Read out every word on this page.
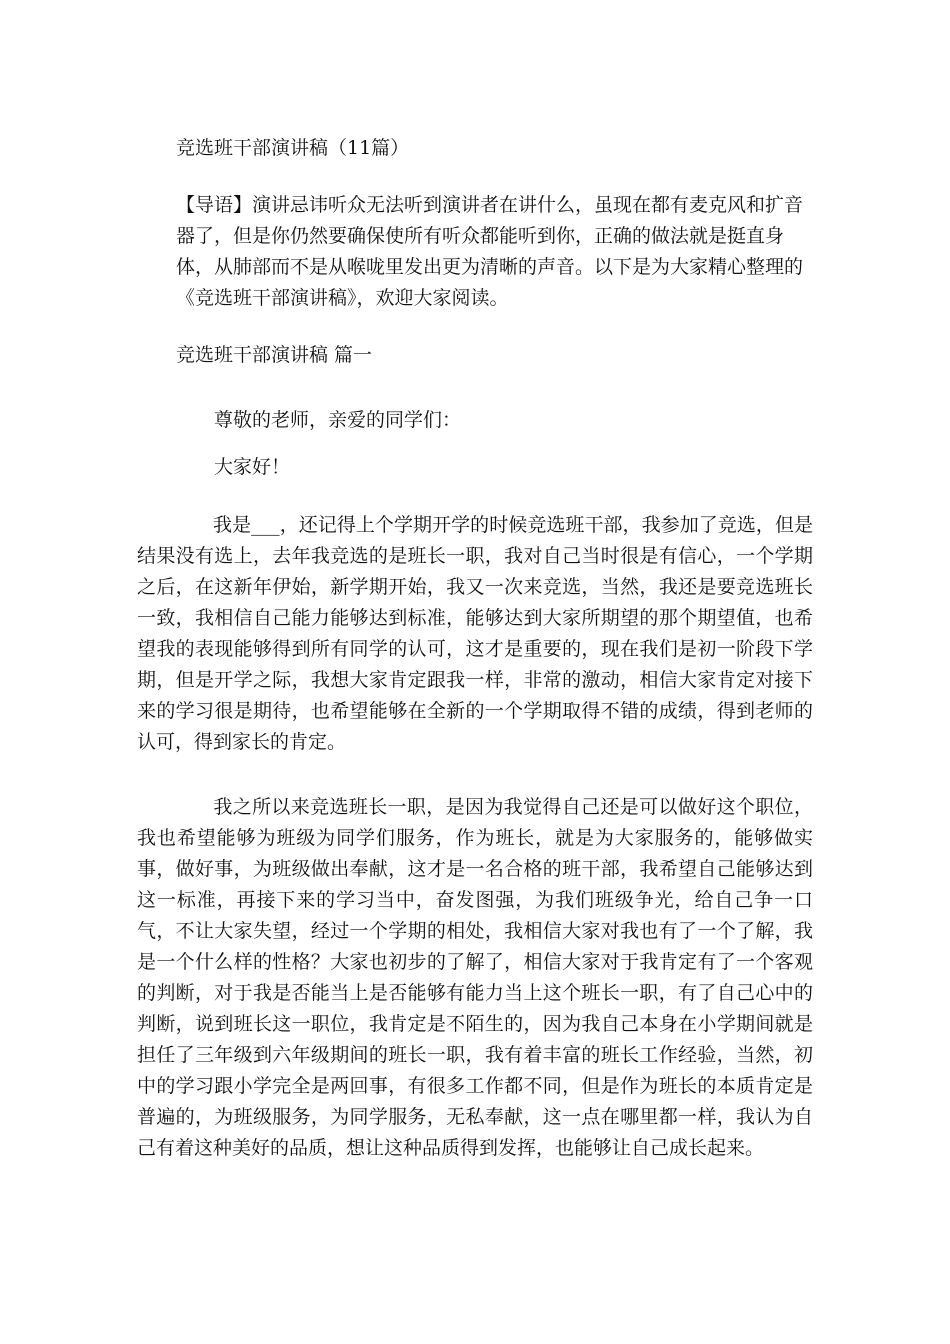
竞选班干部演讲稿（11篇）

【导语】演讲忌讳听众无法听到演讲者在讲什么，虽现在都有麦克风和扩音器了，但是你仍然要确保使所有听众都能听到你，正确的做法就是挺直身体，从肺部而不是从喉咙里发出更为清晰的声音。以下是为大家精心整理的《竞选班干部演讲稿》，欢迎大家阅读。

竞选班干部演讲稿 篇一

尊敬的老师，亲爱的同学们：

大家好！

我是___，还记得上个学期开学的时候竞选班干部，我参加了竞选，但是结果没有选上，去年我竞选的是班长一职，我对自己当时很是有信心，一个学期之后，在这新年伊始，新学期开始，我又一次来竞选，当然，我还是要竞选班长一致，我相信自己能力能够达到标准，能够达到大家所期望的那个期望值，也希望我的表现能够得到所有同学的认可，这才是重要的，现在我们是初一阶段下学期，但是开学之际，我想大家肯定跟我一样，非常的激动，相信大家肯定对接下来的学习很是期待，也希望能够在全新的一个学期取得不错的成绩，得到老师的认可，得到家长的肯定。

我之所以来竞选班长一职，是因为我觉得自己还是可以做好这个职位，我也希望能够为班级为同学们服务，作为班长，就是为大家服务的，能够做实事，做好事，为班级做出奉献，这才是一名合格的班干部，我希望自己能够达到这一标准，再接下来的学习当中，奋发图强，为我们班级争光，给自己争一口气，不让大家失望，经过一个学期的相处，我相信大家对我也有了一个了解，我是一个什么样的性格？大家也初步的了解了，相信大家对于我肯定有了一个客观的判断，对于我是否能当上是否能够有能力当上这个班长一职，有了自己心中的判断，说到班长这一职位，我肯定是不陌生的，因为我自己本身在小学期间就是担任了三年级到六年级期间的班长一职，我有着丰富的班长工作经验，当然，初中的学习跟小学完全是两回事，有很多工作都不同，但是作为班长的本质肯定是普遍的，为班级服务，为同学服务，无私奉献，这一点在哪里都一样，我认为自己有着这种美好的品质，想让这种品质得到发挥，也能够让自己成长起来。
